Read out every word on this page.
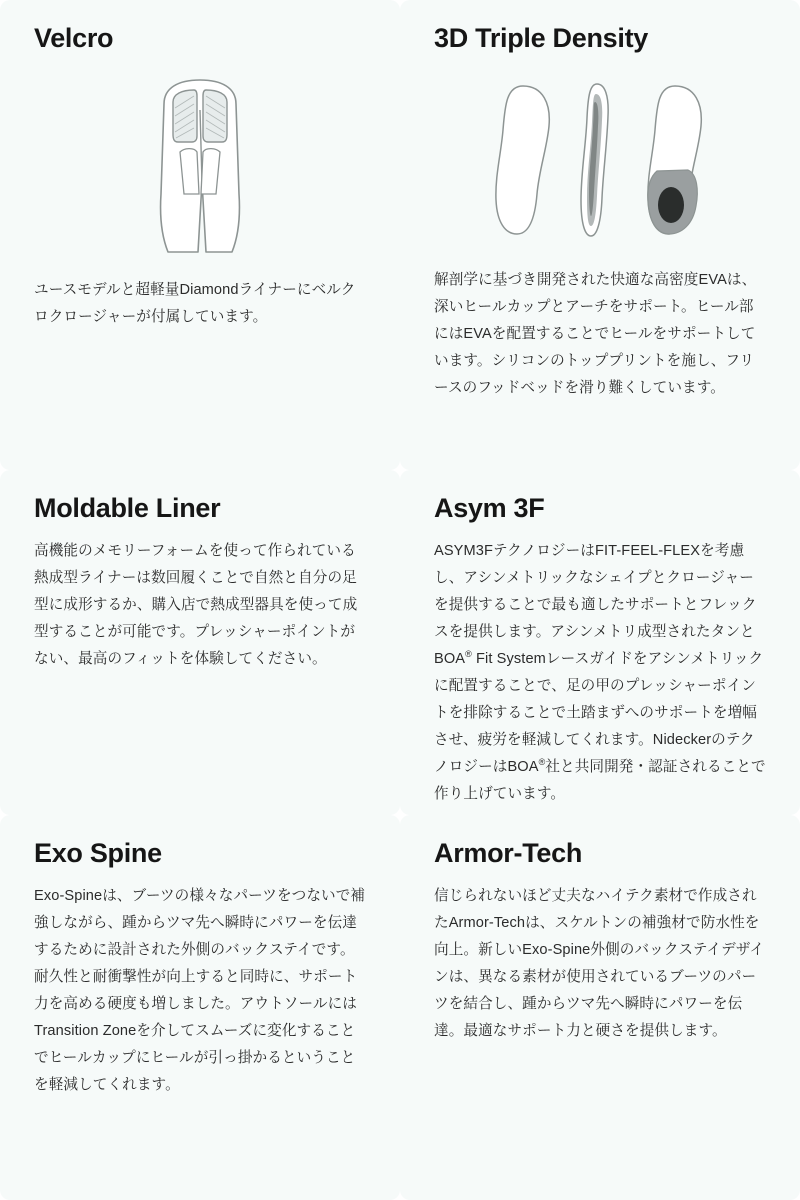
Velcro

ユースモデルと超軽量Diamondライナーにベルクロクロージャーが付属しています。

3D Triple Density

解剖学に基づき開発された快適な高密度EVAは、深いヒールカップとアーチをサポート。ヒール部にはEVAを配置することでヒールをサポートしています。シリコンのトッププリントを施し、フリースのフッドベッドを滑り難くしています。

Moldable Liner

高機能のメモリーフォームを使って作られている熱成型ライナーは数回履くことで自然と自分の足型に成形するか、購入店で熱成型器具を使って成型することが可能です。プレッシャーポイントがない、最高のフィットを体験してください。

Asym 3F

ASYM3FテクノロジーはFIT-FEEL-FLEXを考慮し、アシンメトリックなシェイプとクロージャーを提供することで最も適したサポートとフレックスを提供します。アシンメトリ成型されたタンとBOA® Fit Systemレースガイドをアシンメトリックに配置することで、足の甲のプレッシャーポイントを排除することで土踏まずへのサポートを増幅させ、疲労を軽減してくれます。NideckerのテクノロジーはBOA®社と共同開発・認証されることで作り上げています。

Exo Spine

Exo-Spineは、ブーツの様々なパーツをつないで補強しながら、踵からツマ先へ瞬時にパワーを伝達するために設計された外側のバックステイです。耐久性と耐衝撃性が向上すると同時に、サポート力を高める硬度も増しました。アウトソールにはTransition Zoneを介してスムーズに変化することでヒールカップにヒールが引っ掛かるということを軽減してくれます。

Armor-Tech

信じられないほど丈夫なハイテク素材で作成されたArmor-Techは、スケルトンの補強材で防水性を向上。新しいExo-Spine外側のバックステイデザインは、異なる素材が使用されているブーツのパーツを結合し、踵からツマ先へ瞬時にパワーを伝達。最適なサポート力と硬さを提供します。
